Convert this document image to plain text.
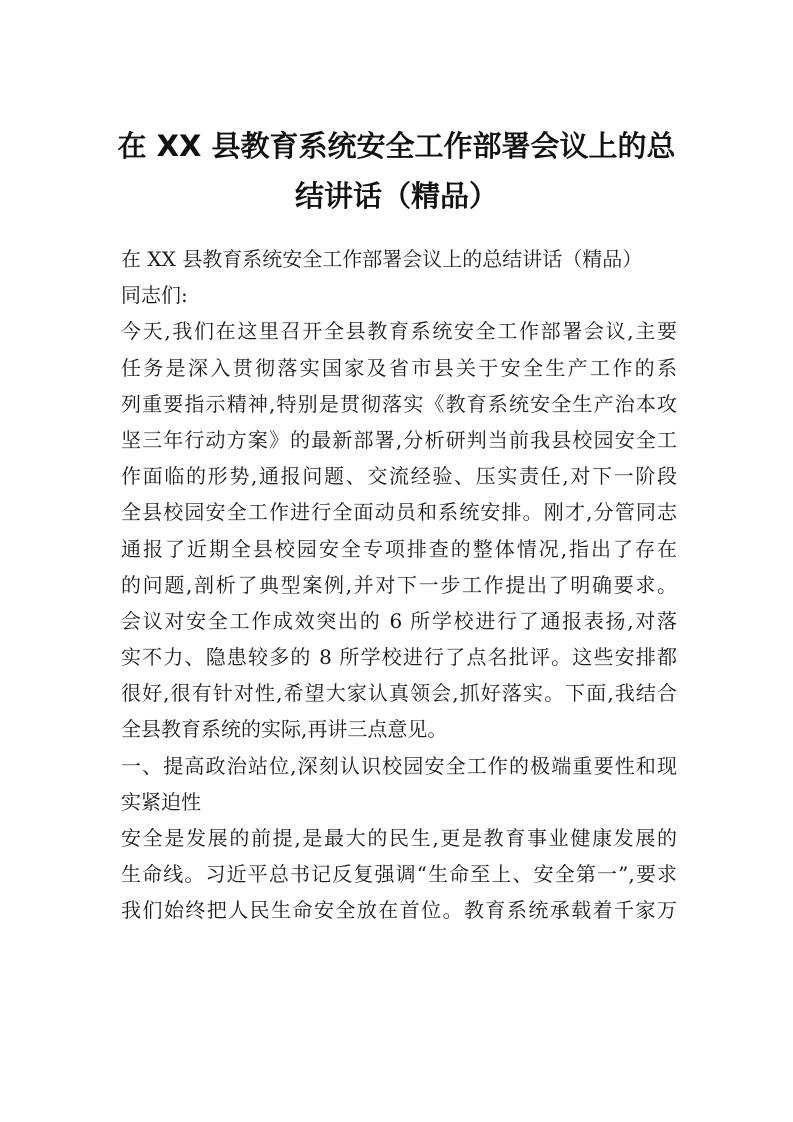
在 XX 县教育系统安全工作部署会议上的总
结讲话（精品）
在 XX 县教育系统安全工作部署会议上的总结讲话（精品）
同志们:
今天,我们在这里召开全县教育系统安全工作部署会议,主要
任务是深入贯彻落实国家及省市县关于安全生产工作的系
列重要指示精神,特别是贯彻落实《教育系统安全生产治本攻
坚三年行动方案》的最新部署,分析研判当前我县校园安全工
作面临的形势,通报问题、交流经验、压实责任,对下一阶段
全县校园安全工作进行全面动员和系统安排。刚才,分管同志
通报了近期全县校园安全专项排查的整体情况,指出了存在
的问题,剖析了典型案例,并对下一步工作提出了明确要求。
会议对安全工作成效突出的 6 所学校进行了通报表扬,对落
实不力、隐患较多的 8 所学校进行了点名批评。这些安排都
很好,很有针对性,希望大家认真领会,抓好落实。下面,我结合
全县教育系统的实际,再讲三点意见。
一、提高政治站位,深刻认识校园安全工作的极端重要性和现
实紧迫性
安全是发展的前提,是最大的民生,更是教育事业健康发展的
生命线。习近平总书记反复强调“生命至上、安全第一”,要求
我们始终把人民生命安全放在首位。教育系统承载着千家万
